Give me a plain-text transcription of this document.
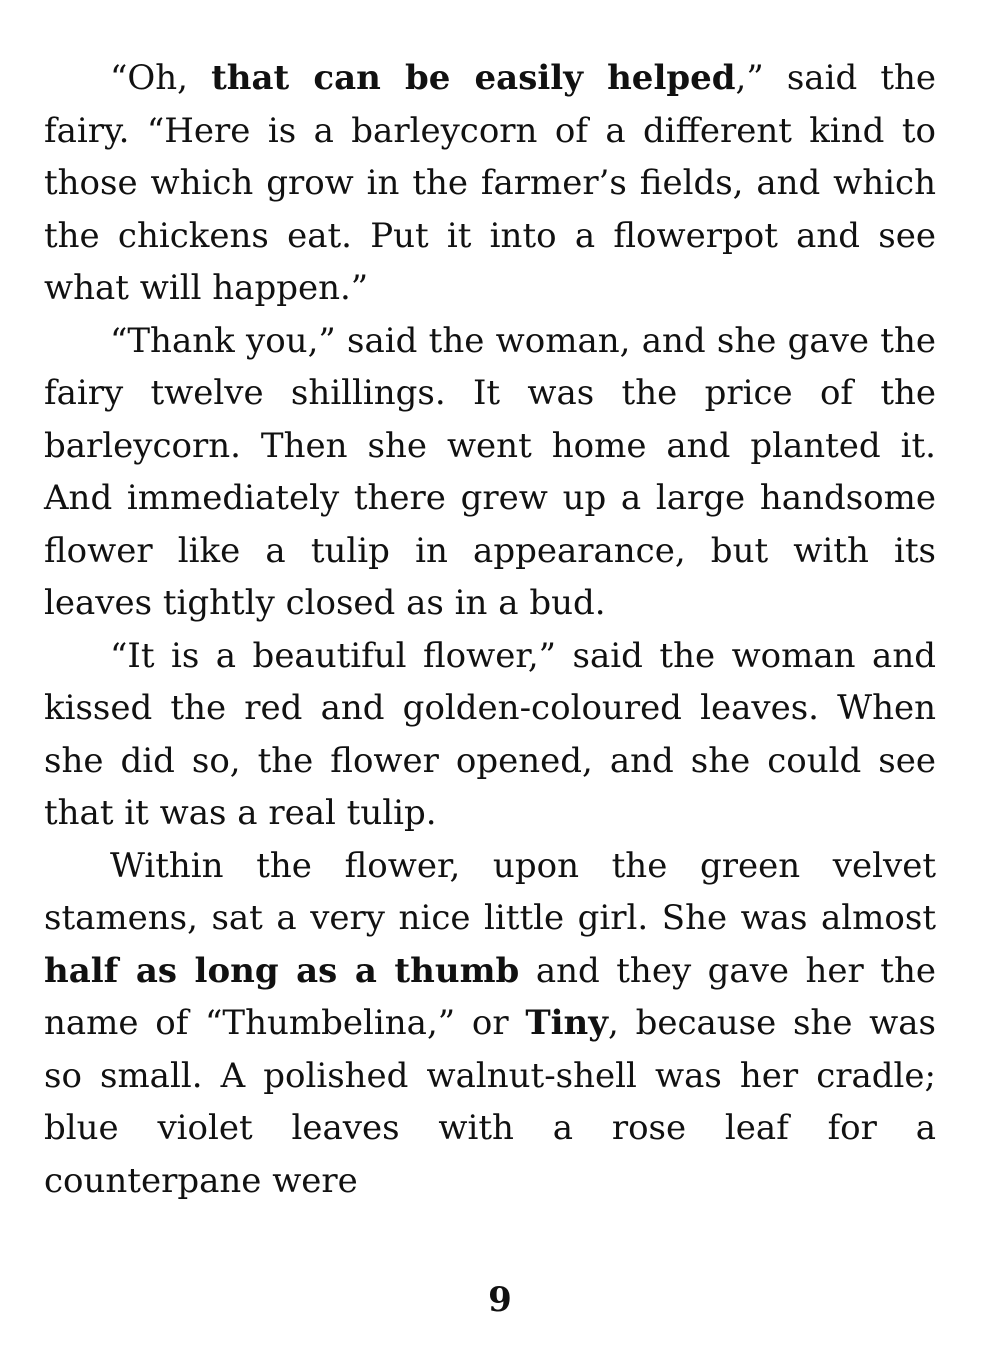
“Oh, that can be easily helped,” said the fairy. “Here is a barleycorn of a different kind to those which grow in the farmer’s fields, and which the chickens eat. Put it into a flowerpot and see what will happen.”

“Thank you,” said the woman, and she gave the fairy twelve shillings. It was the price of the barleycorn. Then she went home and planted it. And immediately there grew up a large handsome flower like a tulip in appearance, but with its leaves tightly closed as in a bud.

“It is a beautiful flower,” said the woman and kissed the red and golden-coloured leaves. When she did so, the flower opened, and she could see that it was a real tulip.

Within the flower, upon the green velvet stamens, sat a very nice little girl. She was almost half as long as a thumb and they gave her the name of “Thumbelina,” or Tiny, because she was so small. A polished walnut-shell was her cradle; blue violet leaves with a rose leaf for a counterpane were

9
